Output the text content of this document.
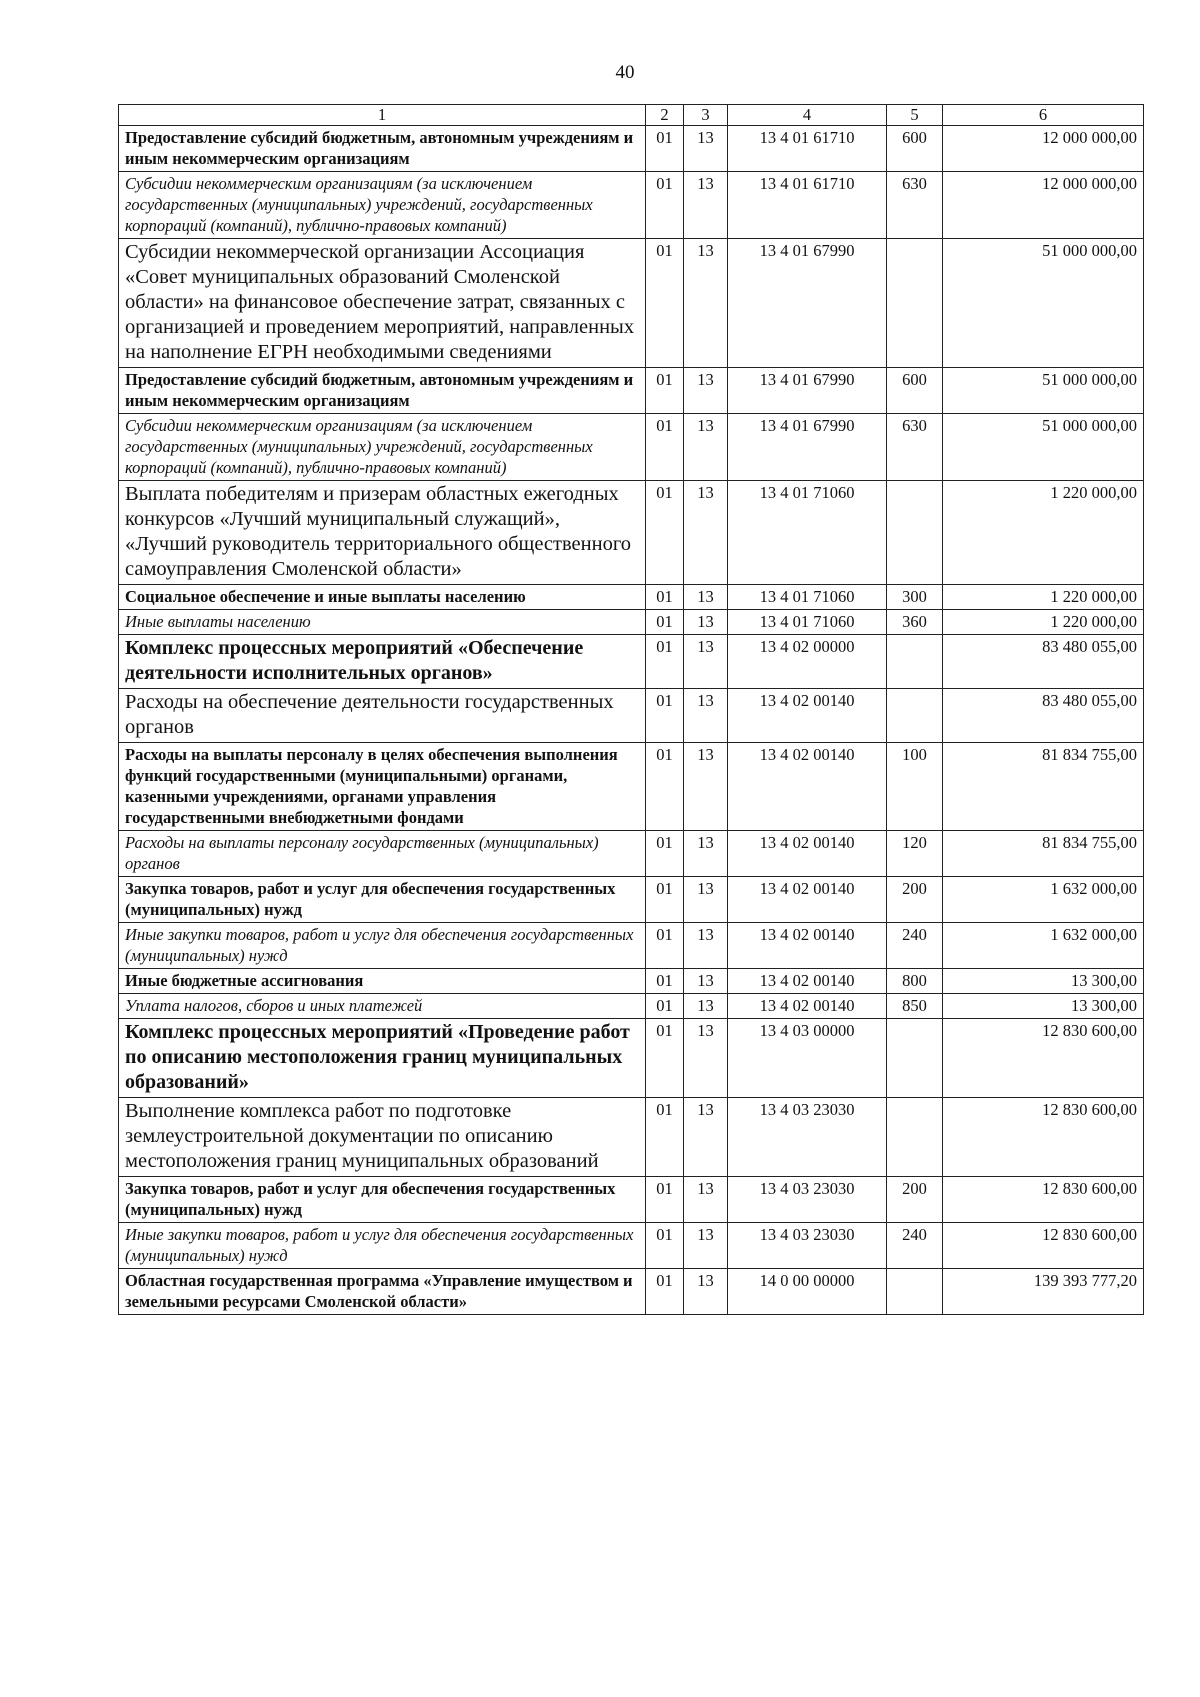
40
1	2	3	4	5	6
Предоставление субсидий бюджетным, автономным учреждениям и иным некоммерческим организациям	01	13	13 4 01 61710	600	12 000 000,00
Субсидии некоммерческим организациям (за исключением государственных (муниципальных) учреждений, государственных корпораций (компаний), публично-правовых компаний)	01	13	13 4 01 61710	630	12 000 000,00
Субсидии некоммерческой организации Ассоциация «Совет муниципальных образований Смоленской области» на финансовое обеспечение затрат, связанных с организацией и проведением мероприятий, направленных на наполнение ЕГРН необходимыми сведениями	01	13	13 4 01 67990		51 000 000,00
Предоставление субсидий бюджетным, автономным учреждениям и иным некоммерческим организациям	01	13	13 4 01 67990	600	51 000 000,00
Субсидии некоммерческим организациям (за исключением государственных (муниципальных) учреждений, государственных корпораций (компаний), публично-правовых компаний)	01	13	13 4 01 67990	630	51 000 000,00
Выплата победителям и призерам областных ежегодных конкурсов «Лучший муниципальный служащий», «Лучший руководитель территориального общественного самоуправления Смоленской области»	01	13	13 4 01 71060		1 220 000,00
Социальное обеспечение и иные выплаты населению	01	13	13 4 01 71060	300	1 220 000,00
Иные выплаты населению	01	13	13 4 01 71060	360	1 220 000,00
Комплекс процессных мероприятий «Обеспечение деятельности исполнительных органов»	01	13	13 4 02 00000		83 480 055,00
Расходы на обеспечение деятельности государственных органов	01	13	13 4 02 00140		83 480 055,00
Расходы на выплаты персоналу в целях обеспечения выполнения функций государственными (муниципальными) органами, казенными учреждениями, органами управления государственными внебюджетными фондами	01	13	13 4 02 00140	100	81 834 755,00
Расходы на выплаты персоналу государственных (муниципальных) органов	01	13	13 4 02 00140	120	81 834 755,00
Закупка товаров, работ и услуг для обеспечения государственных (муниципальных) нужд	01	13	13 4 02 00140	200	1 632 000,00
Иные закупки товаров, работ и услуг для обеспечения государственных (муниципальных) нужд	01	13	13 4 02 00140	240	1 632 000,00
Иные бюджетные ассигнования	01	13	13 4 02 00140	800	13 300,00
Уплата налогов, сборов и иных платежей	01	13	13 4 02 00140	850	13 300,00
Комплекс процессных мероприятий «Проведение работ по описанию местоположения границ муниципальных образований»	01	13	13 4 03 00000		12 830 600,00
Выполнение комплекса работ по подготовке землеустроительной документации по описанию местоположения границ муниципальных образований	01	13	13 4 03 23030		12 830 600,00
Закупка товаров, работ и услуг для обеспечения государственных (муниципальных) нужд	01	13	13 4 03 23030	200	12 830 600,00
Иные закупки товаров, работ и услуг для обеспечения государственных (муниципальных) нужд	01	13	13 4 03 23030	240	12 830 600,00
Областная государственная программа «Управление имуществом и земельными ресурсами Смоленской области»	01	13	14 0 00 00000		139 393 777,20
